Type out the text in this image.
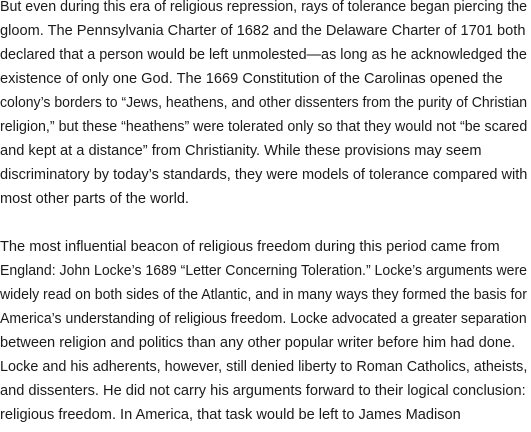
But even during this era of religious repression, rays of tolerance began piercing the

gloom. The Pennsylvania Charter of 1682 and the Delaware Charter of 1701 both

declared that a person would be left unmolested—as long as he acknowledged the

existence of only one God. The 1669 Constitution of the Carolinas opened the

colony’s borders to “Jews, heathens, and other dissenters from the purity of Christian

religion,” but these “heathens” were tolerated only so that they would not “be scared

and kept at a distance” from Christianity. While these provisions may seem

discriminatory by today’s standards, they were models of tolerance compared with

most other parts of the world.

The most influential beacon of religious freedom during this period came from

England: John Locke’s 1689 “Letter Concerning Toleration.” Locke’s arguments were

widely read on both sides of the Atlantic, and in many ways they formed the basis for

America’s understanding of religious freedom. Locke advocated a greater separation

between religion and politics than any other popular writer before him had done.

Locke and his adherents, however, still denied liberty to Roman Catholics, atheists,

and dissenters. He did not carry his arguments forward to their logical conclusion:

religious freedom. In America, that task would be left to James Madison
